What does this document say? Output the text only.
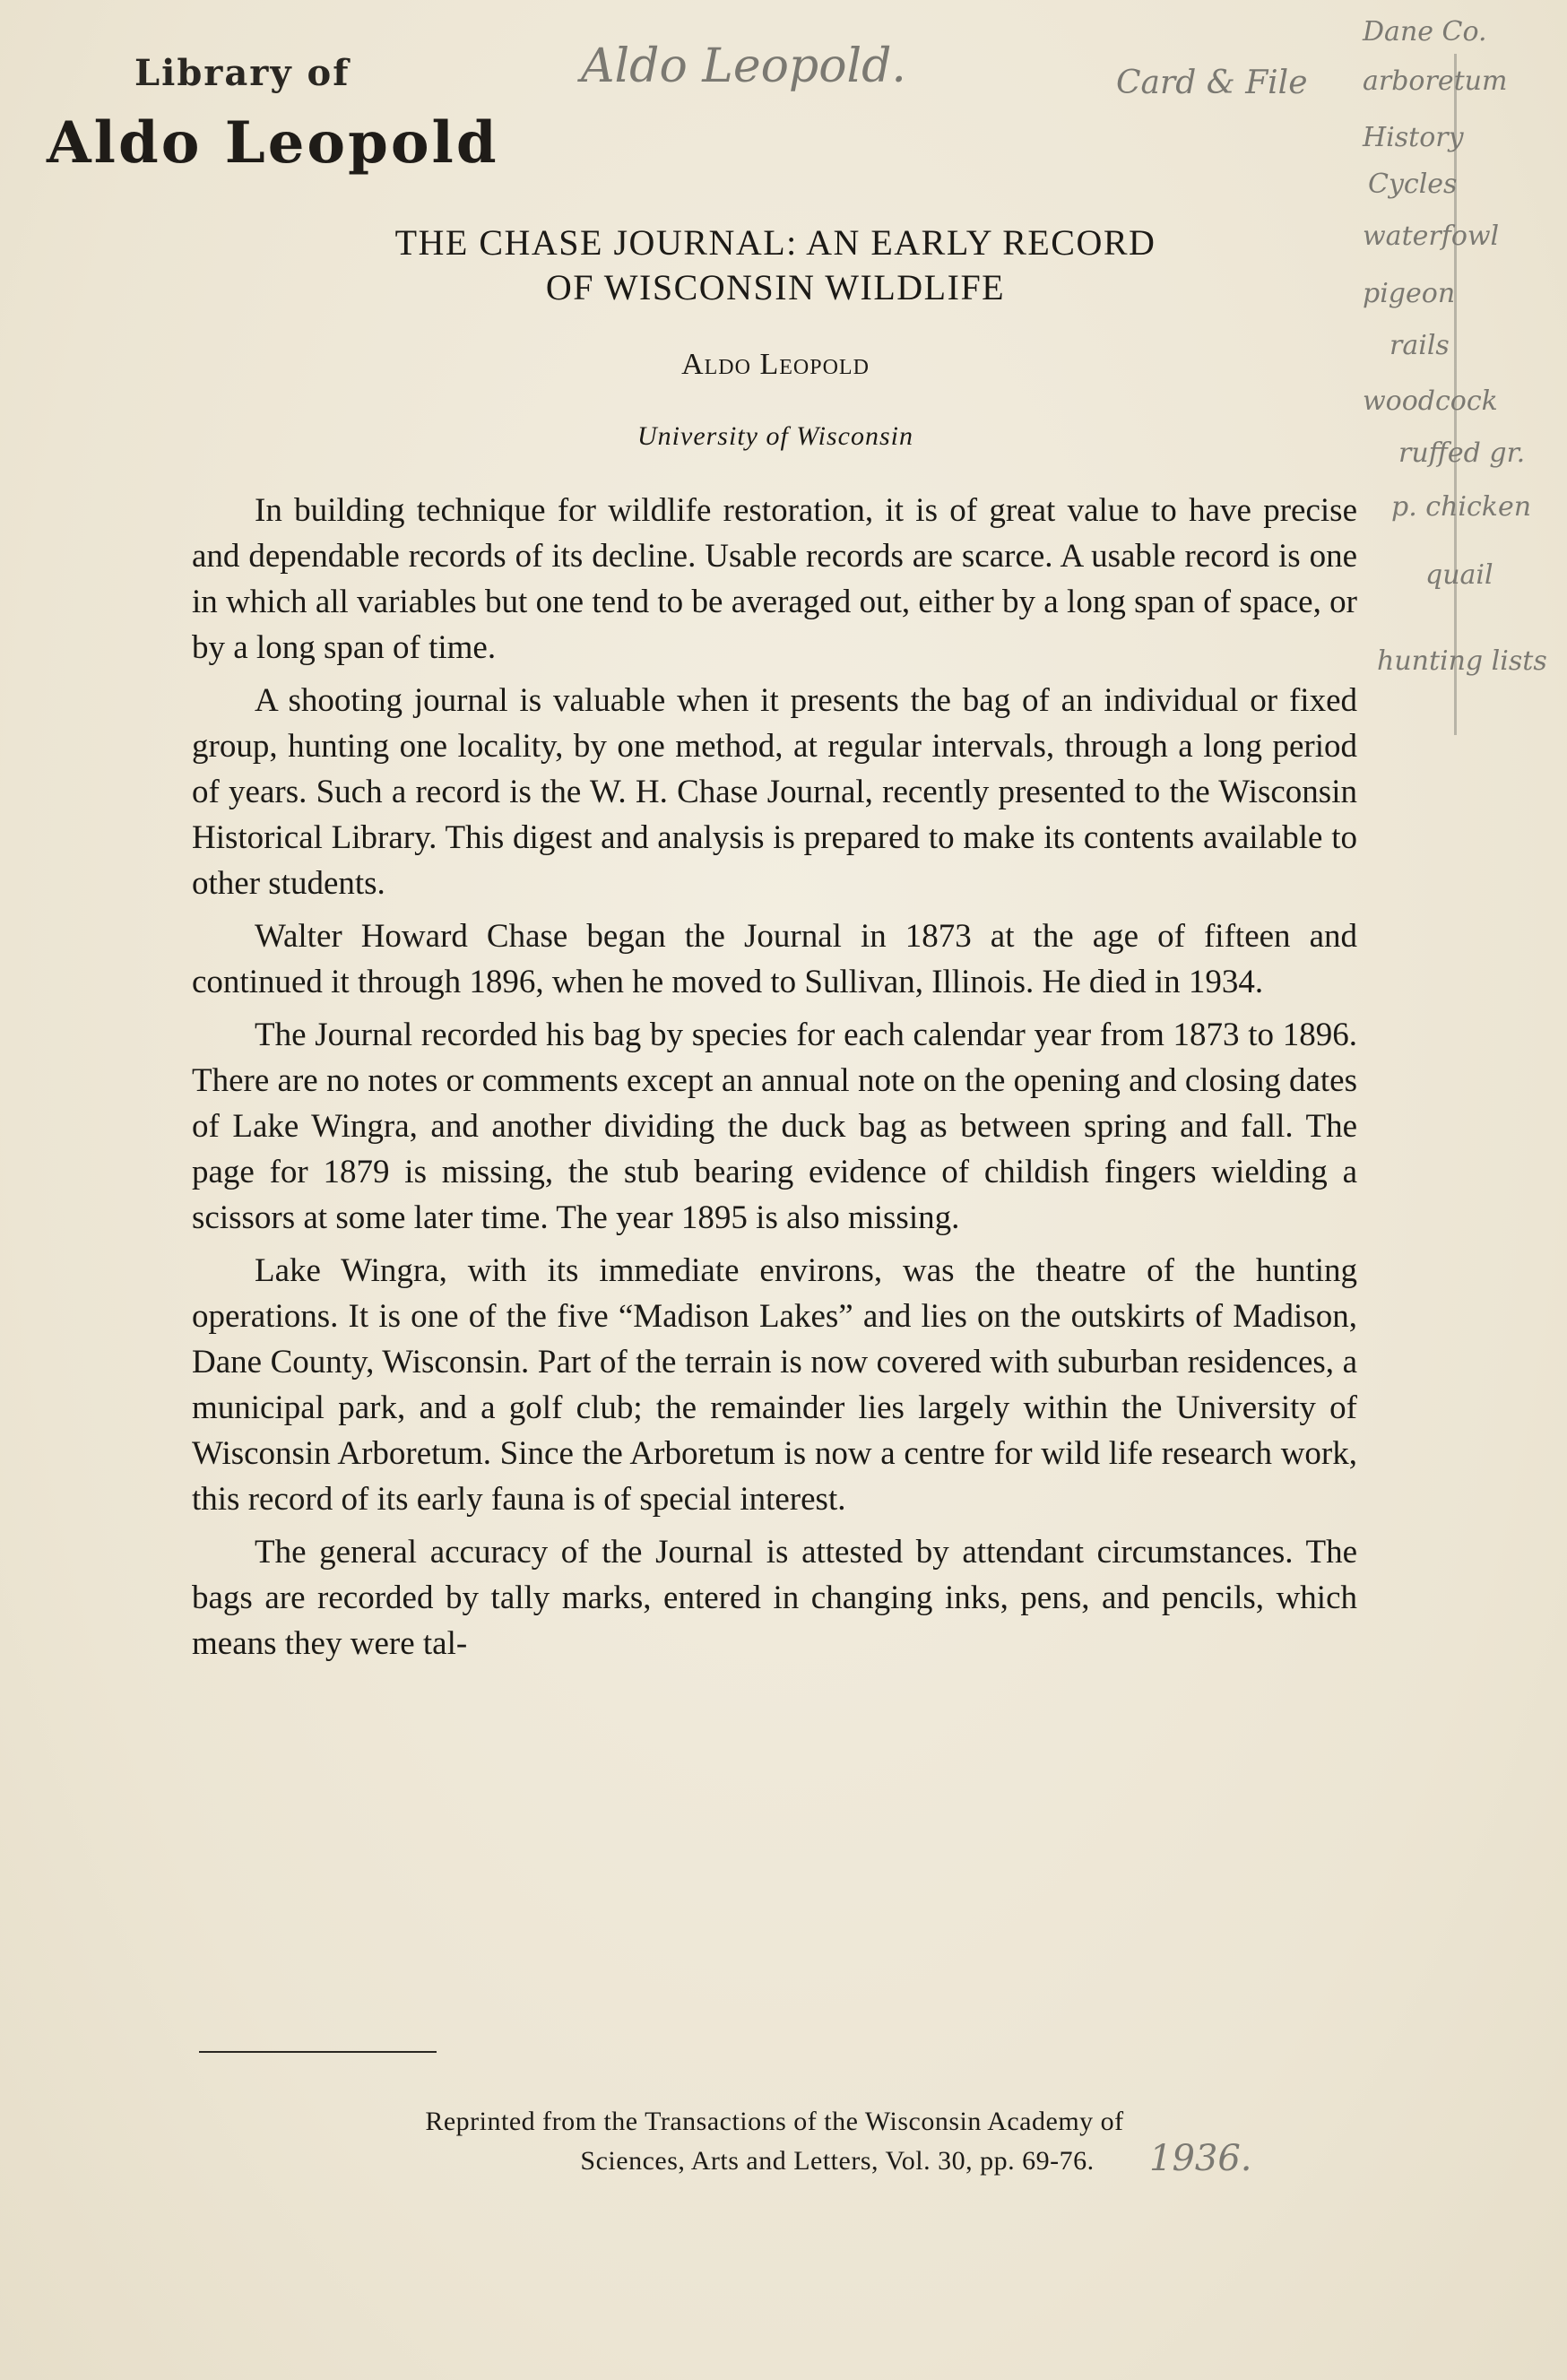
Library of
Aldo Leopold
Aldo Leopold.	Card & File
Dane Co.
arboretum
History
Cycles
waterfowl
pigeon
rails
woodcock
ruffed gr.
p. chicken
quail
hunting lists
THE CHASE JOURNAL: AN EARLY RECORD
OF WISCONSIN WILDLIFE
Aldo Leopold
University of Wisconsin

In building technique for wildlife restoration, it is of great value to have precise and dependable records of its decline. Usable records are scarce. A usable record is one in which all variables but one tend to be averaged out, either by a long span of space, or by a long span of time.

A shooting journal is valuable when it presents the bag of an individual or fixed group, hunting one locality, by one method, at regular intervals, through a long period of years. Such a record is the W. H. Chase Journal, recently presented to the Wisconsin Historical Library. This digest and analysis is prepared to make its contents available to other students.

Walter Howard Chase began the Journal in 1873 at the age of fifteen and continued it through 1896, when he moved to Sullivan, Illinois. He died in 1934.

The Journal recorded his bag by species for each calendar year from 1873 to 1896. There are no notes or comments except an annual note on the opening and closing dates of Lake Wingra, and another dividing the duck bag as between spring and fall. The page for 1879 is missing, the stub bearing evidence of childish fingers wielding a scissors at some later time. The year 1895 is also missing.

Lake Wingra, with its immediate environs, was the theatre of the hunting operations. It is one of the five “Madison Lakes” and lies on the outskirts of Madison, Dane County, Wisconsin. Part of the terrain is now covered with suburban residences, a municipal park, and a golf club; the remainder lies largely within the University of Wisconsin Arboretum. Since the Arboretum is now a centre for wild life research work, this record of its early fauna is of special interest.

The general accuracy of the Journal is attested by attendant circumstances. The bags are recorded by tally marks, entered in changing inks, pens, and pencils, which means they were tal-

Reprinted from the Transactions of the Wisconsin Academy of
Sciences, Arts and Letters, Vol. 30, pp. 69-76.	1936.
